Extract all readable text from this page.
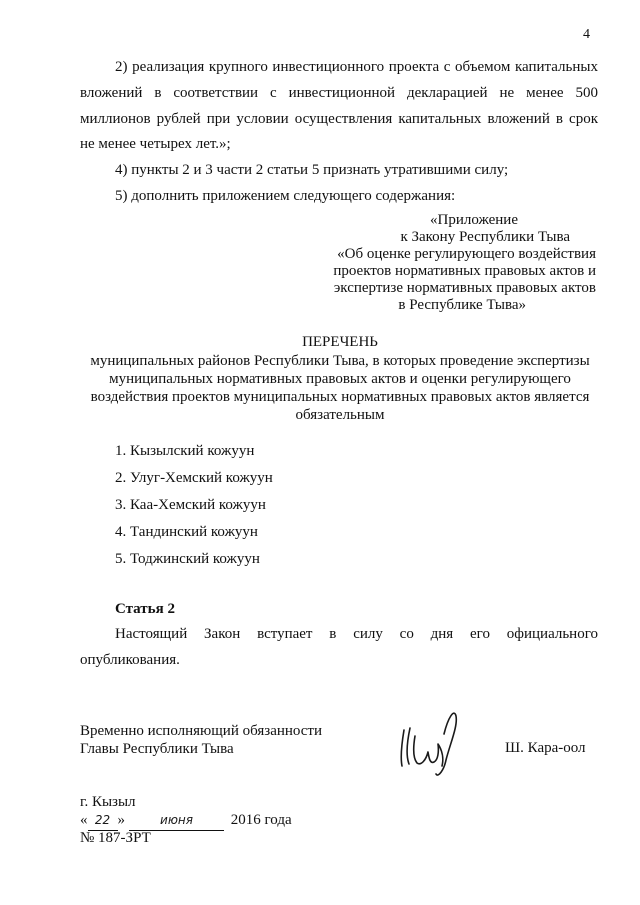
4
2) реализация крупного инвестиционного проекта с объемом капитальных
вложений в соответствии с инвестиционной декларацией не менее 500
миллионов рублей при условии осуществления капитальных вложений в срок
не менее четырех лет.»;
4) пункты 2 и 3 части 2 статьи 5 признать утратившими силу;
5) дополнить приложением следующего содержания:
«Приложение
к Закону Республики Тыва
«Об оценке регулирующего воздействия
проектов нормативных правовых актов и
экспертизе нормативных правовых актов
в Республике Тыва»
ПЕРЕЧЕНЬ
муниципальных районов Республики Тыва, в которых проведение экспертизы
муниципальных нормативных правовых актов и оценки регулирующего
воздействия проектов муниципальных нормативных правовых актов является
обязательным
1. Кызылский кожуун
2. Улуг-Хемский кожуун
3. Каа-Хемский кожуун
4. Тандинский кожуун
5. Тоджинский кожуун
Статья 2
Настоящий Закон вступает в силу со дня его официального
опубликования.
Временно исполняющий обязанности
Главы Республики Тыва	Ш. Кара-оол
г. Кызыл
« 22 »	июня	2016 года
№ 187-ЗРТ
